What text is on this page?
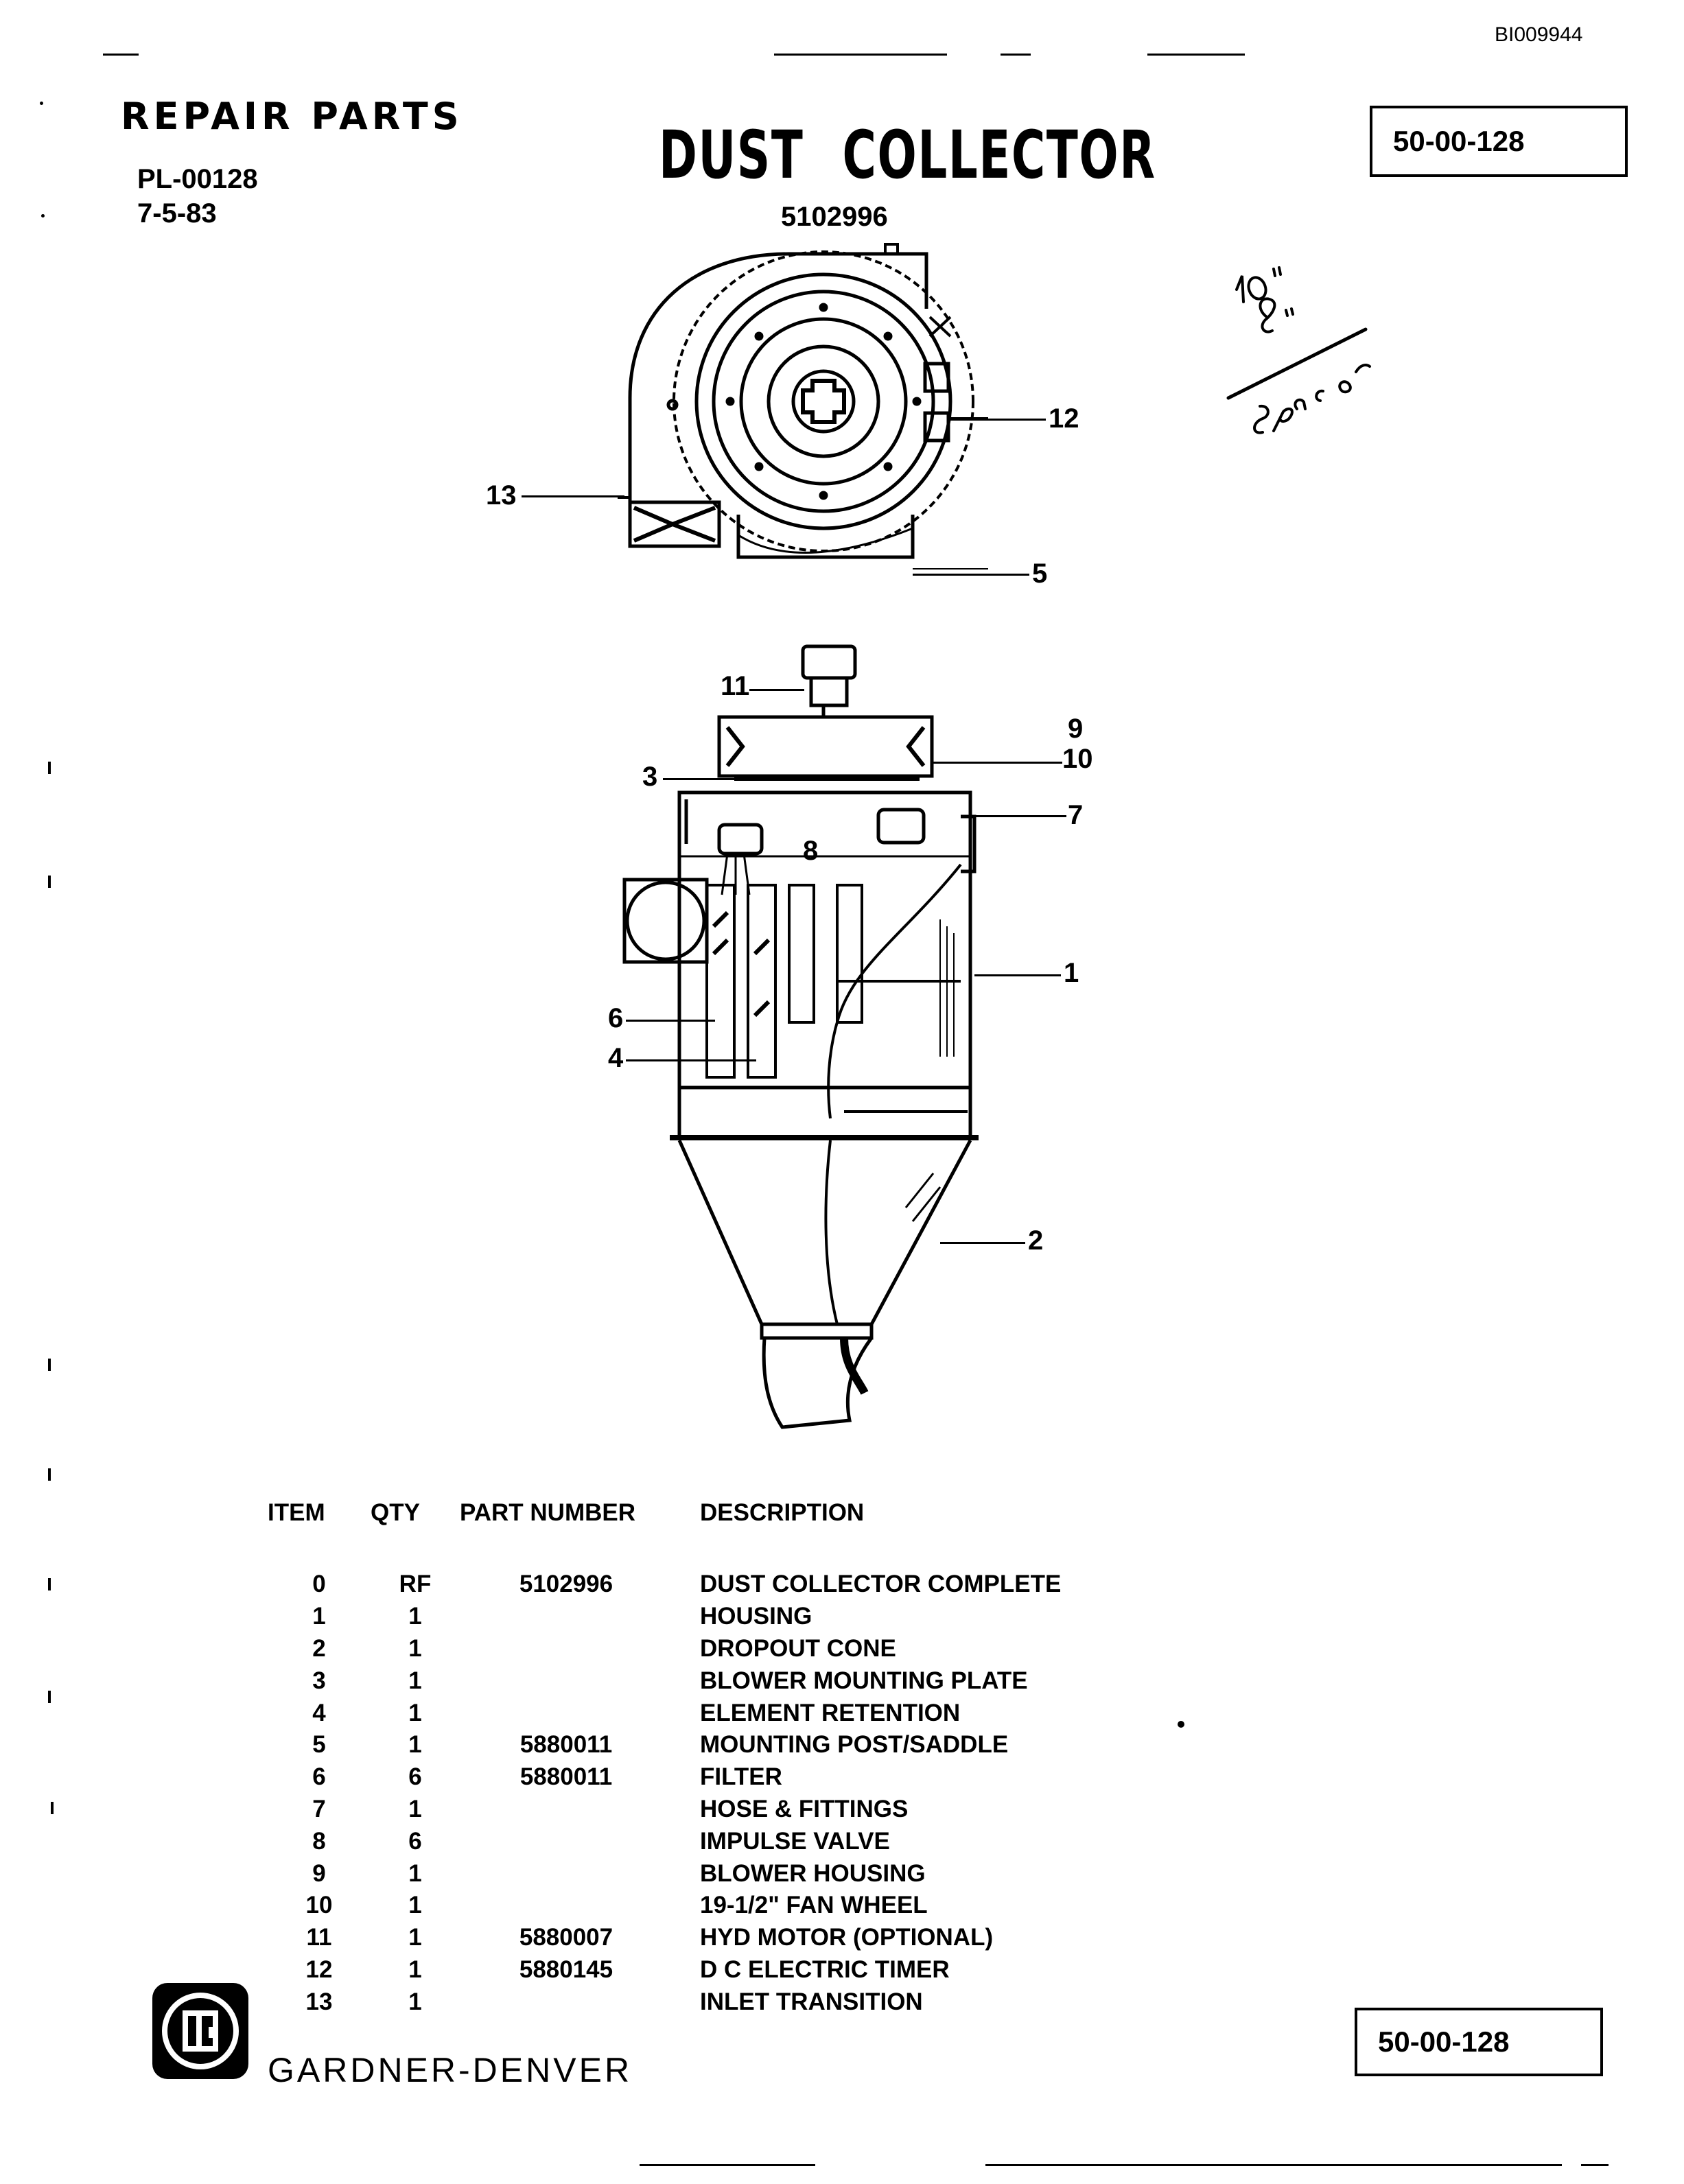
BI009944
REPAIR PARTS
PL-00128
7-5-83
DUST COLLECTOR
5102996
50-00-128
12
13
5
11
9
10
3
7
8
1
6
4
2
ITEM	QTY	PART NUMBER	DESCRIPTION
0	RF	5102996	DUST COLLECTOR COMPLETE
1	1		HOUSING
2	1		DROPOUT CONE
3	1		BLOWER MOUNTING PLATE
4	1		ELEMENT RETENTION
5	1	5880011	MOUNTING POST/SADDLE
6	6	5880011	FILTER
7	1		HOSE & FITTINGS
8	6		IMPULSE VALVE
9	1		BLOWER HOUSING
10	1		19-1/2" FAN WHEEL
11	1	5880007	HYD MOTOR (OPTIONAL)
12	1	5880145	D C ELECTRIC TIMER
13	1		INLET TRANSITION
GARDNER-DENVER
50-00-128
